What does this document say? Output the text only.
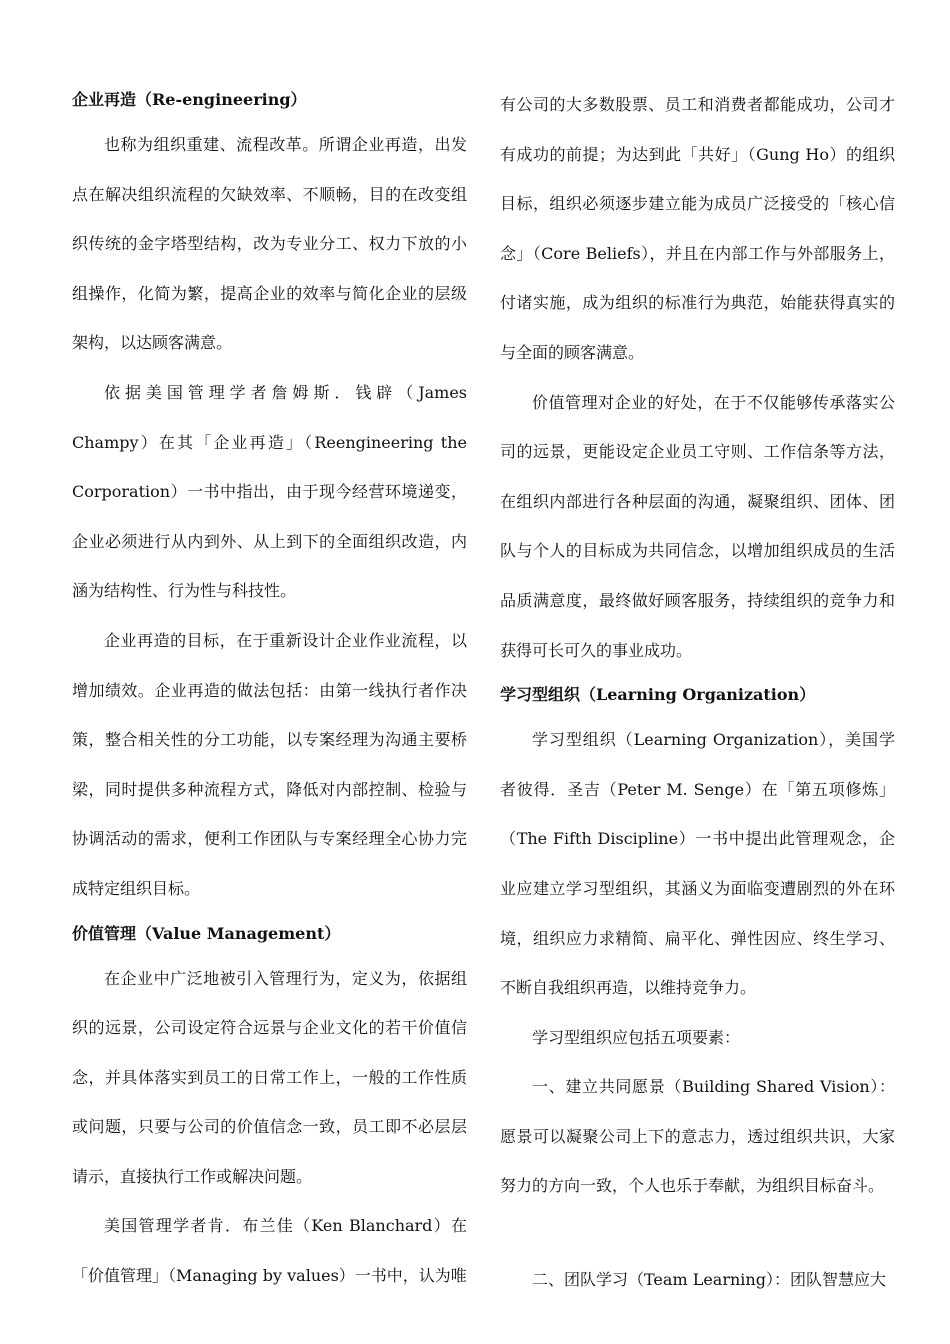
企业再造（Re-engineering）

也称为组织重建、流程改革。所谓企业再造，出发点在解决组织流程的欠缺效率、不顺畅，目的在改变组织传统的金字塔型结构，改为专业分工、权力下放的小组操作，化简为繁，提高企业的效率与简化企业的层级架构，以达顾客满意。

依据美国管理学者詹姆斯．钱辟（James Champy）在其「企业再造」（Reengineering the Corporation）一书中指出，由于现今经营环境递变，企业必须进行从内到外、从上到下的全面组织改造，内涵为结构性、行为性与科技性。

企业再造的目标，在于重新设计企业作业流程，以增加绩效。企业再造的做法包括：由第一线执行者作决策，整合相关性的分工功能，以专案经理为沟通主要桥梁，同时提供多种流程方式，降低对内部控制、检验与协调活动的需求，便利工作团队与专案经理全心协力完成特定组织目标。

价值管理（Value Management）

在企业中广泛地被引入管理行为，定义为，依据组织的远景，公司设定符合远景与企业文化的若干价值信念，并具体落实到员工的日常工作上，一般的工作性质或问题，只要与公司的价值信念一致，员工即不必层层请示，直接执行工作或解决问题。

美国管理学者肯．布兰佳（Ken Blanchard）在「价值管理」（Managing by values）一书中，认为唯

有公司的大多数股票、员工和消费者都能成功，公司才有成功的前提；为达到此「共好」（Gung Ho）的组织目标，组织必须逐步建立能为成员广泛接受的「核心信念」（Core Beliefs），并且在内部工作与外部服务上，付诸实施，成为组织的标准行为典范，始能获得真实的与全面的顾客满意。

价值管理对企业的好处，在于不仅能够传承落实公司的远景，更能设定企业员工守则、工作信条等方法，在组织内部进行各种层面的沟通，凝聚组织、团体、团队与个人的目标成为共同信念，以增加组织成员的生活品质满意度，最终做好顾客服务，持续组织的竞争力和获得可长可久的事业成功。

学习型组织（Learning Organization）

学习型组织（Learning Organization），美国学者彼得．圣吉（Peter M. Senge）在「第五项修炼」（The Fifth Discipline）一书中提出此管理观念，企业应建立学习型组织，其涵义为面临变遭剧烈的外在环境，组织应力求精简、扁平化、弹性因应、终生学习、不断自我组织再造，以维持竞争力。

学习型组织应包括五项要素：

一、建立共同愿景（Building Shared Vision）：愿景可以凝聚公司上下的意志力，透过组织共识，大家努力的方向一致，个人也乐于奉献，为组织目标奋斗。

二、团队学习（Team Learning）：团队智慧应大
